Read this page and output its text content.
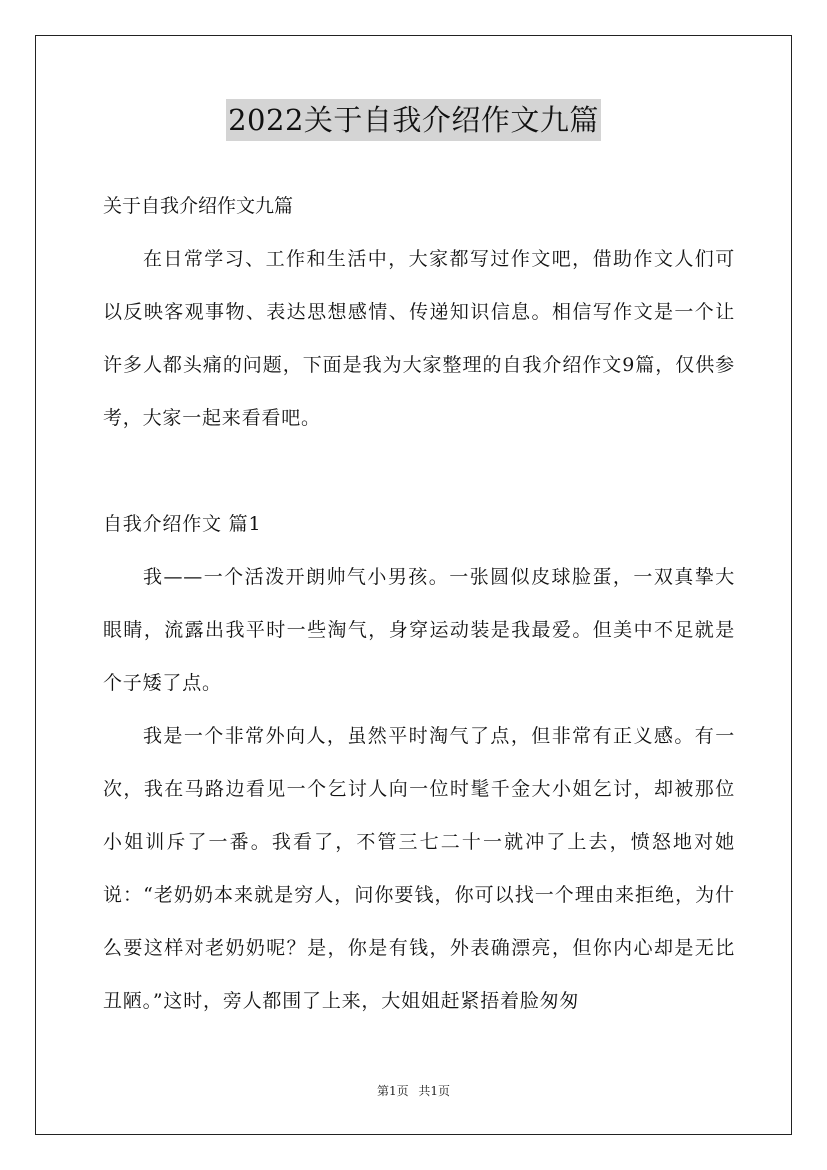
2022关于自我介绍作文九篇

关于自我介绍作文九篇

在日常学习、工作和生活中，大家都写过作文吧，借助作文人们可以反映客观事物、表达思想感情、传递知识信息。相信写作文是一个让许多人都头痛的问题，下面是我为大家整理的自我介绍作文9篇，仅供参考，大家一起来看看吧。

自我介绍作文 篇1

我——一个活泼开朗帅气小男孩。一张圆似皮球脸蛋，一双真挚大眼睛，流露出我平时一些淘气，身穿运动装是我最爱。但美中不足就是个子矮了点。

我是一个非常外向人，虽然平时淘气了点，但非常有正义感。有一次，我在马路边看见一个乞讨人向一位时髦千金大小姐乞讨，却被那位小姐训斥了一番。我看了，不管三七二十一就冲了上去，愤怒地对她说：“老奶奶本来就是穷人，问你要钱，你可以找一个理由来拒绝，为什么要这样对老奶奶呢？是，你是有钱，外表确漂亮，但你内心却是无比丑陋。”这时，旁人都围了上来，大姐姐赶紧捂着脸匆匆

第1页 共1页
